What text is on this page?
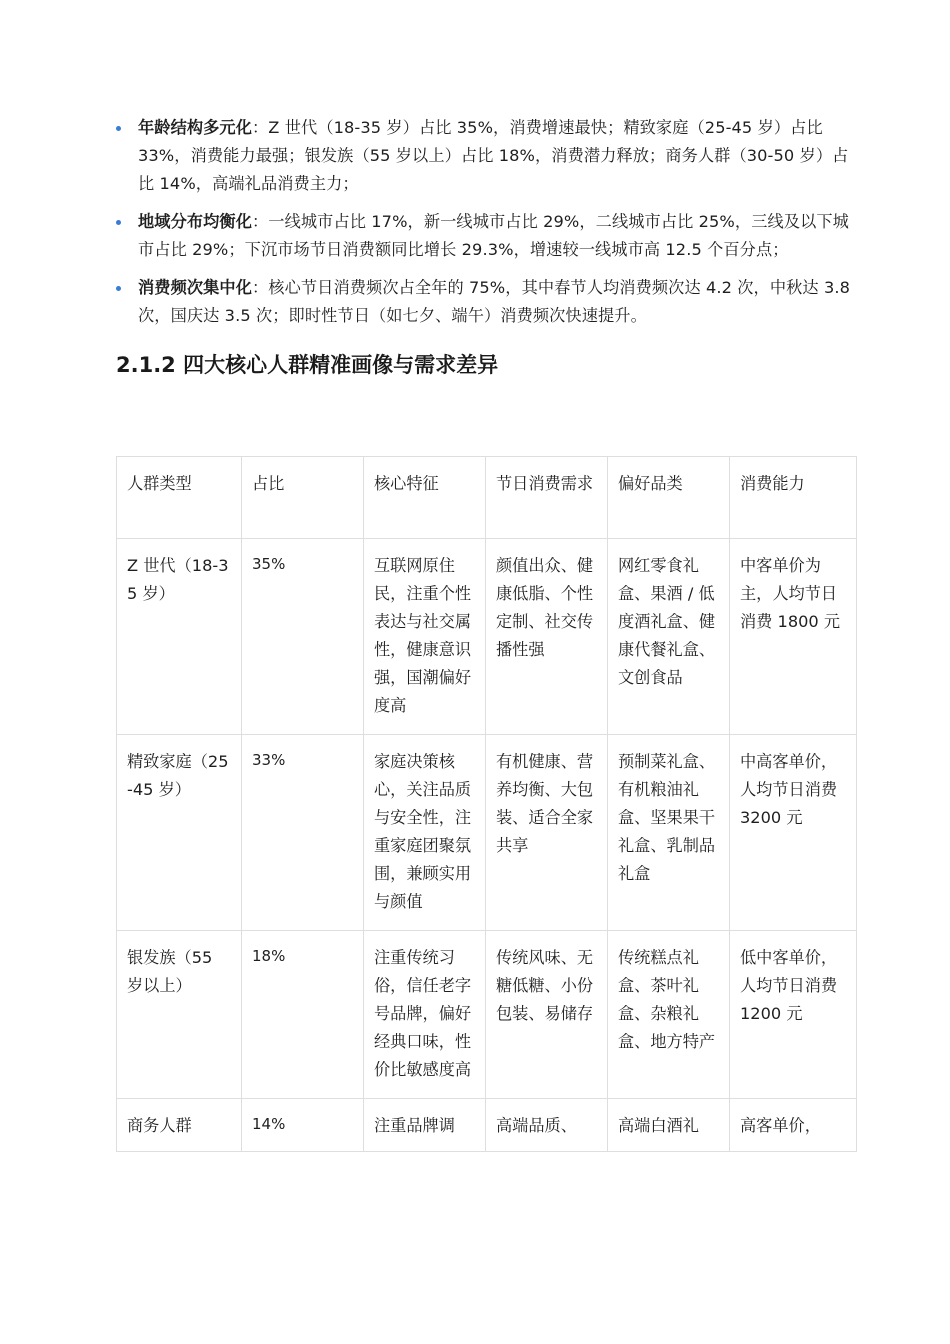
年龄结构多元化：Z 世代（18-35 岁）占比 35%，消费增速最快；精致家庭（25-45 岁）占比 33%，消费能力最强；银发族（55 岁以上）占比 18%，消费潜力释放；商务人群（30-50 岁）占比 14%，高端礼品消费主力；
地域分布均衡化：一线城市占比 17%，新一线城市占比 29%，二线城市占比 25%，三线及以下城市占比 29%；下沉市场节日消费额同比增长 29.3%，增速较一线城市高 12.5 个百分点；
消费频次集中化：核心节日消费频次占全年的 75%，其中春节人均消费频次达 4.2 次，中秋达 3.8 次，国庆达 3.5 次；即时性节日（如七夕、端午）消费频次快速提升。
2.1.2 四大核心人群精准画像与需求差异
人群类型	占比	核心特征	节日消费需求	偏好品类	消费能力
Z 世代（18-35 岁）	35%	互联网原住民，注重个性表达与社交属性，健康意识强，国潮偏好度高	颜值出众、健康低脂、个性定制、社交传播性强	网红零食礼盒、果酒 / 低度酒礼盒、健康代餐礼盒、文创食品	中客单价为主，人均节日消费 1800 元
精致家庭（25-45 岁）	33%	家庭决策核心，关注品质与安全性，注重家庭团聚氛围，兼顾实用与颜值	有机健康、营养均衡、大包装、适合全家共享	预制菜礼盒、有机粮油礼盒、坚果果干礼盒、乳制品礼盒	中高客单价，人均节日消费 3200 元
银发族（55 岁以上）	18%	注重传统习俗，信任老字号品牌，偏好经典口味，性价比敏感度高	传统风味、无糖低糖、小份包装、易储存	传统糕点礼盒、茶叶礼盒、杂粮礼盒、地方特产	低中客单价，人均节日消费 1200 元
商务人群	14%	注重品牌调	高端品质、	高端白酒礼	高客单价，
